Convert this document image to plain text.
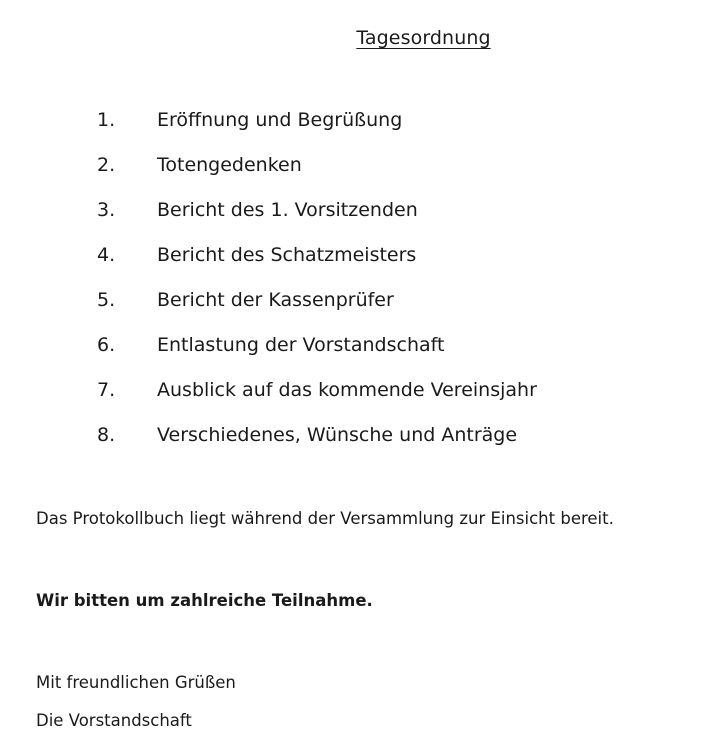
Tagesordnung
1.	Eröffnung und Begrüßung
2.	Totengedenken
3.	Bericht des 1. Vorsitzenden
4.	Bericht des Schatzmeisters
5.	Bericht der Kassenprüfer
6.	Entlastung der Vorstandschaft
7.	Ausblick auf das kommende Vereinsjahr
8.	Verschiedenes, Wünsche und Anträge
Das Protokollbuch liegt während der Versammlung zur Einsicht bereit.
Wir bitten um zahlreiche Teilnahme.
Mit freundlichen Grüßen
Die Vorstandschaft
